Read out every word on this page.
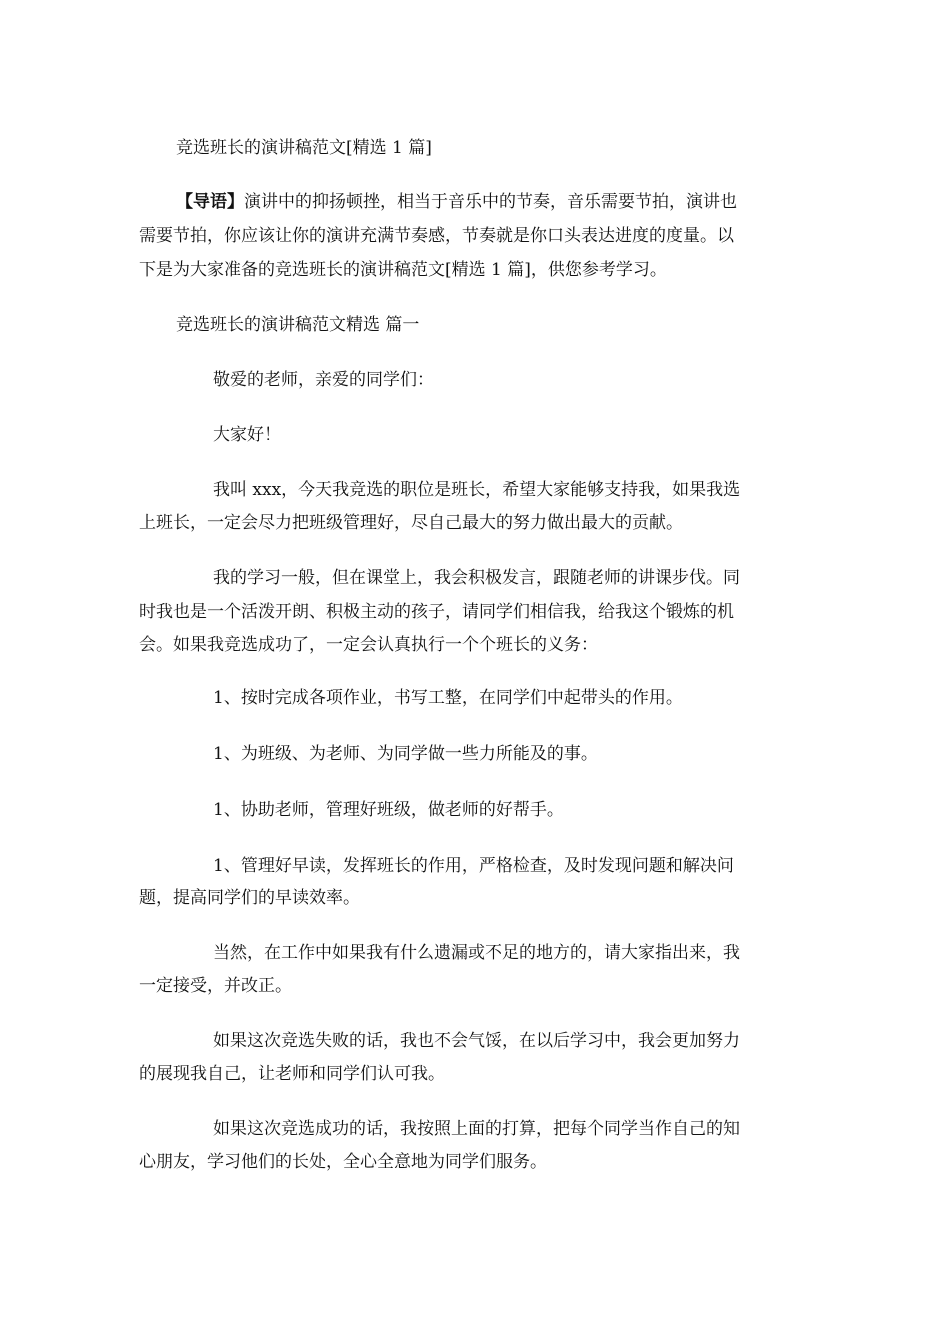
竞选班长的演讲稿范文[精选 1 篇]
【导语】演讲中的抑扬顿挫，相当于音乐中的节奏，音乐需要节拍，演讲也
需要节拍，你应该让你的演讲充满节奏感，节奏就是你口头表达进度的度量。以
下是为大家准备的竞选班长的演讲稿范文[精选 1 篇]，供您参考学习。
竞选班长的演讲稿范文精选 篇一
敬爱的老师，亲爱的同学们：
大家好！
我叫 xxx，今天我竞选的职位是班长，希望大家能够支持我，如果我选
上班长，一定会尽力把班级管理好，尽自己最大的努力做出最大的贡献。
我的学习一般，但在课堂上，我会积极发言，跟随老师的讲课步伐。同
时我也是一个活泼开朗、积极主动的孩子，请同学们相信我，给我这个锻炼的机
会。如果我竞选成功了，一定会认真执行一个个班长的义务：
1、按时完成各项作业，书写工整，在同学们中起带头的作用。
1、为班级、为老师、为同学做一些力所能及的事。
1、协助老师，管理好班级，做老师的好帮手。
1、管理好早读，发挥班长的作用，严格检查，及时发现问题和解决问
题，提高同学们的早读效率。
当然，在工作中如果我有什么遗漏或不足的地方的，请大家指出来，我
一定接受，并改正。
如果这次竞选失败的话，我也不会气馁，在以后学习中，我会更加努力
的展现我自己，让老师和同学们认可我。
如果这次竞选成功的话，我按照上面的打算，把每个同学当作自己的知
心朋友，学习他们的长处，全心全意地为同学们服务。
